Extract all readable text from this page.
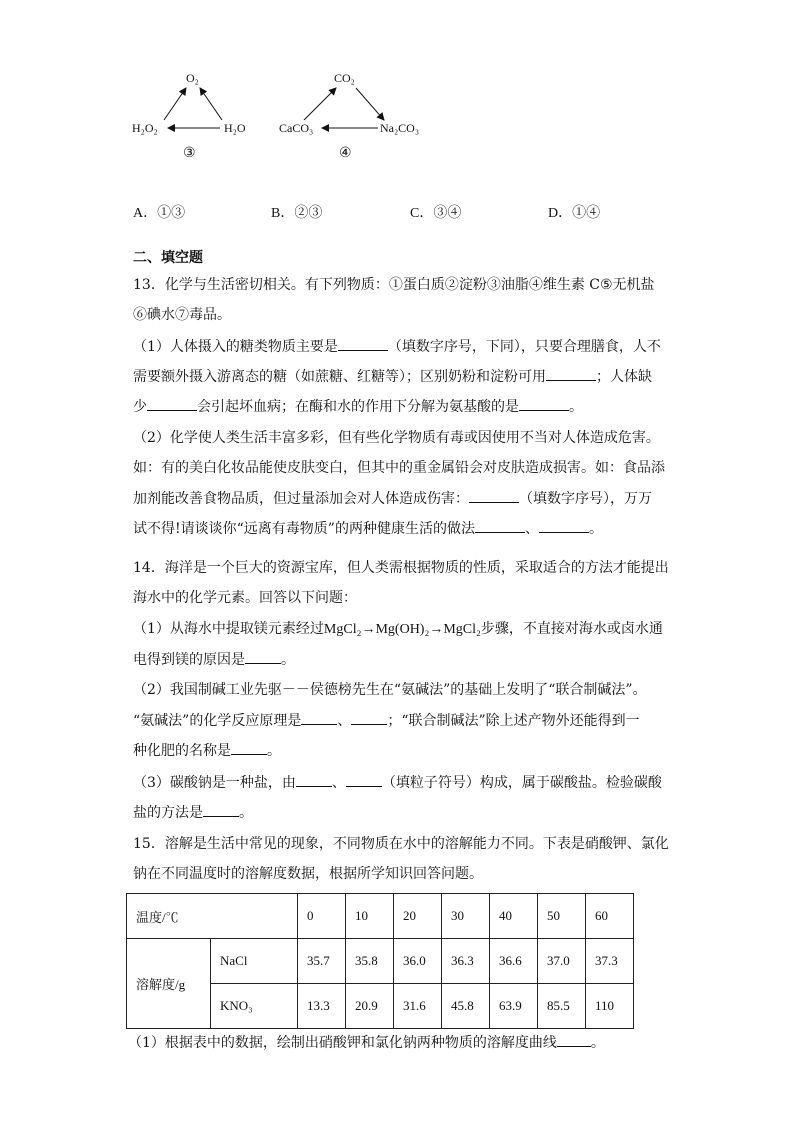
O₂
H₂O₂	H₂O
③
CO₂
CaCO₃	Na₂CO₃
④
A．①③	B．②③	C．③④	D．①④
二、填空题
13．化学与生活密切相关。有下列物质：①蛋白质②淀粉③油脂④维生素 C⑤无机盐
⑥碘水⑦毒品。
（1）人体摄入的糖类物质主要是	（填数字序号，下同），只要合理膳食，人不
需要额外摄入游离态的糖（如蔗糖、红糖等）；区别奶粉和淀粉可用	；人体缺
少	会引起坏血病；在酶和水的作用下分解为氨基酸的是	。
（2）化学使人类生活丰富多彩，但有些化学物质有毒或因使用不当对人体造成危害。
如：有的美白化妆品能使皮肤变白，但其中的重金属铅会对皮肤造成损害。如：食品添
加剂能改善食物品质，但过量添加会对人体造成伤害：	（填数字序号），万万
试不得!请谈谈你“远离有毒物质”的两种健康生活的做法	、	。
14．海洋是一个巨大的资源宝库，但人类需根据物质的性质，采取适合的方法才能提出
海水中的化学元素。回答以下问题：
（1）从海水中提取镁元素经过MgCl₂→Mg(OH)₂→MgCl₂步骤，不直接对海水或卤水通
电得到镁的原因是	。
（2）我国制碱工业先驱－－侯德榜先生在“氨碱法”的基础上发明了“联合制碱法”。
“氨碱法”的化学反应原理是	、	；“联合制碱法”除上述产物外还能得到一
种化肥的名称是	。
（3）碳酸钠是一种盐，由	、	（填粒子符号）构成，属于碳酸盐。检验碳酸
盐的方法是	。
15．溶解是生活中常见的现象，不同物质在水中的溶解能力不同。下表是硝酸钾、氯化
钠在不同温度时的溶解度数据，根据所学知识回答问题。
温度/℃		0	10	20	30	40	50	60
溶解度/g	NaCl	35.7	35.8	36.0	36.3	36.6	37.0	37.3
	KNO₃	13.3	20.9	31.6	45.8	63.9	85.5	110
（1）根据表中的数据，绘制出硝酸钾和氯化钠两种物质的溶解度曲线 。
